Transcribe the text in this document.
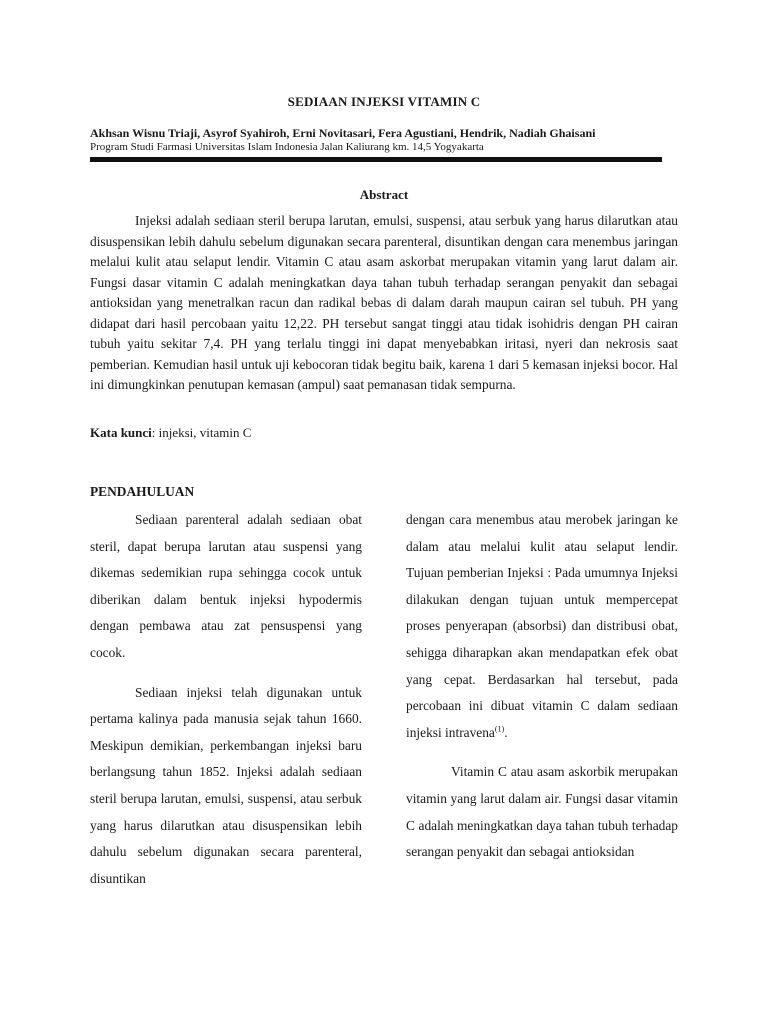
SEDIAAN INJEKSI VITAMIN C
Akhsan Wisnu Triaji, Asyrof Syahiroh, Erni Novitasari, Fera Agustiani, Hendrik, Nadiah Ghaisani
Program Studi Farmasi Universitas Islam Indonesia Jalan Kaliurang km. 14,5 Yogyakarta
Abstract

Injeksi adalah sediaan steril berupa larutan, emulsi, suspensi, atau serbuk yang harus dilarutkan atau disuspensikan lebih dahulu sebelum digunakan secara parenteral, disuntikan dengan cara menembus jaringan melalui kulit atau selaput lendir. Vitamin C atau asam askorbat merupakan vitamin yang larut dalam air. Fungsi dasar vitamin C adalah meningkatkan daya tahan tubuh terhadap serangan penyakit dan sebagai antioksidan yang menetralkan racun dan radikal bebas di dalam darah maupun cairan sel tubuh. PH yang didapat dari hasil percobaan yaitu 12,22. PH tersebut sangat tinggi atau tidak isohidris dengan PH cairan tubuh yaitu sekitar 7,4. PH yang terlalu tinggi ini dapat menyebabkan iritasi, nyeri dan nekrosis saat pemberian. Kemudian hasil untuk uji kebocoran tidak begitu baik, karena 1 dari 5 kemasan injeksi bocor. Hal ini dimungkinkan penutupan kemasan (ampul) saat pemanasan tidak sempurna.

Kata kunci: injeksi, vitamin C
PENDAHULUAN

Sediaan parenteral adalah sediaan obat steril, dapat berupa larutan atau suspensi yang dikemas sedemikian rupa sehingga cocok untuk diberikan dalam bentuk injeksi hypodermis dengan pembawa atau zat pensuspensi yang cocok.

Sediaan injeksi telah digunakan untuk pertama kalinya pada manusia sejak tahun 1660. Meskipun demikian, perkembangan injeksi baru berlangsung tahun 1852. Injeksi adalah sediaan steril berupa larutan, emulsi, suspensi, atau serbuk yang harus dilarutkan atau disuspensikan lebih dahulu sebelum digunakan secara parenteral, disuntikan

dengan cara menembus atau merobek jaringan ke dalam atau melalui kulit atau selaput lendir. Tujuan pemberian Injeksi : Pada umumnya Injeksi dilakukan dengan tujuan untuk mempercepat proses penyerapan (absorbsi) dan distribusi obat, sehigga diharapkan akan mendapatkan efek obat yang cepat. Berdasarkan hal tersebut, pada percobaan ini dibuat vitamin C dalam sediaan injeksi intravena$^{(1)}$.

Vitamin C atau asam askorbik merupakan vitamin yang larut dalam air. Fungsi dasar vitamin C adalah meningkatkan daya tahan tubuh terhadap serangan penyakit dan sebagai antioksidan
